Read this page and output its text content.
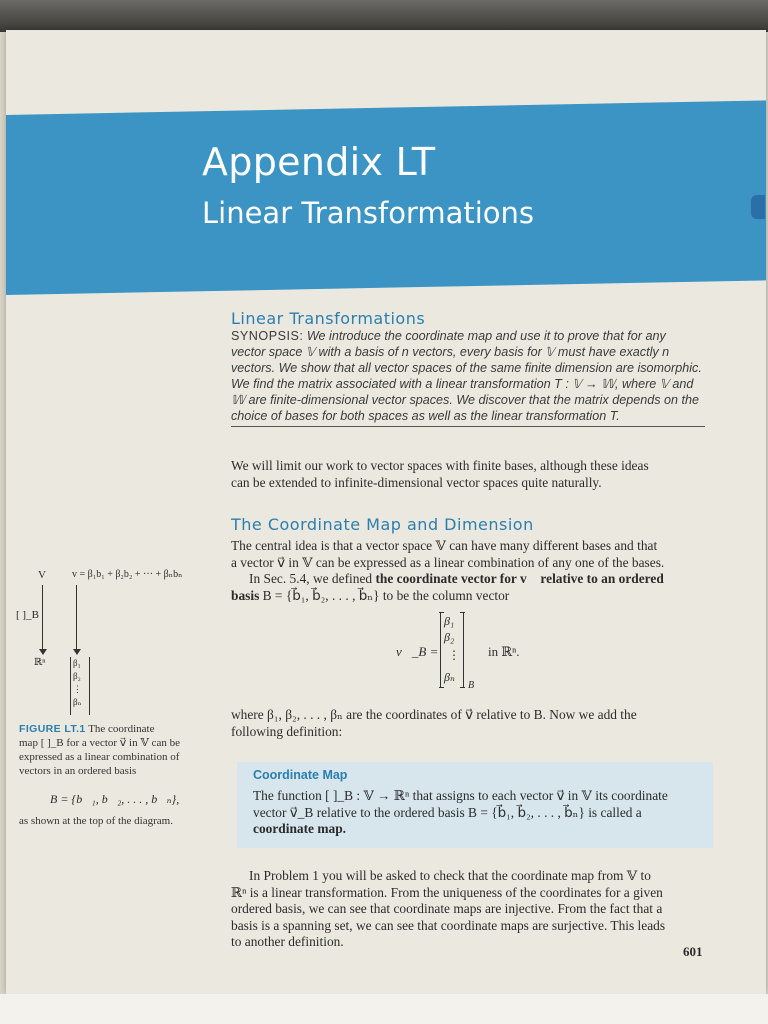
Appendix LT
Linear Transformations
Linear Transformations
SYNOPSIS: We introduce the coordinate map and use it to prove that for any
vector space 𝕍 with a basis of n vectors, every basis for 𝕍 must have exactly n
vectors. We show that all vector spaces of the same finite dimension are isomorphic.
We find the matrix associated with a linear transformation T : 𝕍 → 𝕎, where 𝕍 and
𝕎 are finite-dimensional vector spaces. We discover that the matrix depends on the
choice of bases for both spaces as well as the linear transformation T.
We will limit our work to vector spaces with finite bases, although these ideas
can be extended to infinite-dimensional vector spaces quite naturally.
The Coordinate Map and Dimension
The central idea is that a vector space 𝕍 can have many different bases and that
a vector v⃗ in 𝕍 can be expressed as a linear combination of any one of the bases.
In Sec. 5.4, we defined the coordinate vector for v⃗ relative to an ordered
basis B = {b⃗₁, b⃗₂, . . . , b⃗ₙ} to be the column vector
v⃗_B =
β₁
β₂
⋮
βₙ
B
in ℝⁿ.
where β₁, β₂, . . . , βₙ are the coordinates of v⃗ relative to B. Now we add the
following definition:
V	v = β₁b₁ + β₂b₂ + ··· + βₙbₙ
[ ]_B
ℝⁿ	β₁
β₂
⋮
βₙ
FIGURE LT.1 The coordinate
map [ ]_B for a vector v⃗ in 𝕍 can be
expressed as a linear combination of
vectors in an ordered basis
B = {b⃗₁, b⃗₂, . . . , b⃗ₙ},
as shown at the top of the diagram.
Coordinate Map
The function [ ]_B : 𝕍 → ℝⁿ that assigns to each vector v⃗ in 𝕍 its coordinate
vector v⃗_B relative to the ordered basis B = {b⃗₁, b⃗₂, . . . , b⃗ₙ} is called a
coordinate map.
In Problem 1 you will be asked to check that the coordinate map from 𝕍 to
ℝⁿ is a linear transformation. From the uniqueness of the coordinates for a given
ordered basis, we can see that coordinate maps are injective. From the fact that a
basis is a spanning set, we can see that coordinate maps are surjective. This leads
to another definition.
601
